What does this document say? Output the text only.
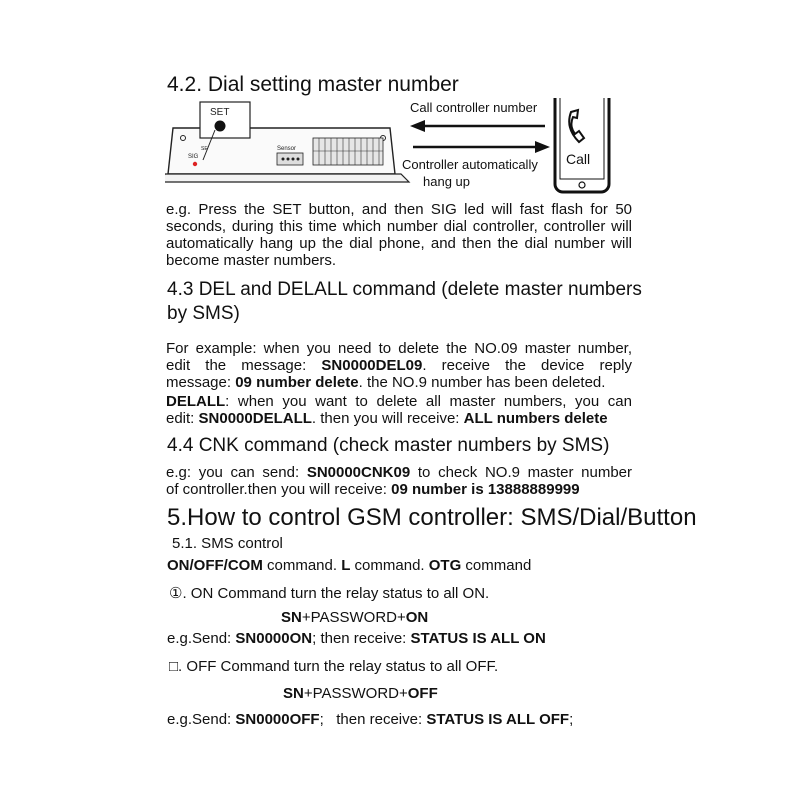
4.2. Dial setting master number
SIG
SE	Sensor
SET	Call controller number
Controller automatically
hang up
Call
e.g. Press the SET button, and then SIG led will fast flash for 50
seconds, during this time which number dial controller, controller will
automatically hang up the dial phone, and then the dial number will
become master numbers.
4.3 DEL and DELALL command (delete master numbers
by SMS)
For example: when you need to delete the NO.09 master number,
edit the message: SN0000DEL09. receive the device reply
message: 09 number delete. the NO.9 number has been deleted.
DELALL: when you want to delete all master numbers, you can
edit: SN0000DELALL. then you will receive: ALL numbers delete
4.4 CNK command (check master numbers by SMS)
e.g: you can send: SN0000CNK09 to check NO.9 master number
of controller.then you will receive: 09 number is 13888889999
5.How to control GSM controller: SMS/Dial/Button
5.1. SMS control
ON/OFF/COM command. L command. OTG command
①. ON Command turn the relay status to all ON.
SN+PASSWORD+ON
e.g.Send: SN0000ON; then receive: STATUS IS ALL ON
□. OFF Command turn the relay status to all OFF.
SN+PASSWORD+OFF
e.g.Send: SN0000OFF;   then receive: STATUS IS ALL OFF;
